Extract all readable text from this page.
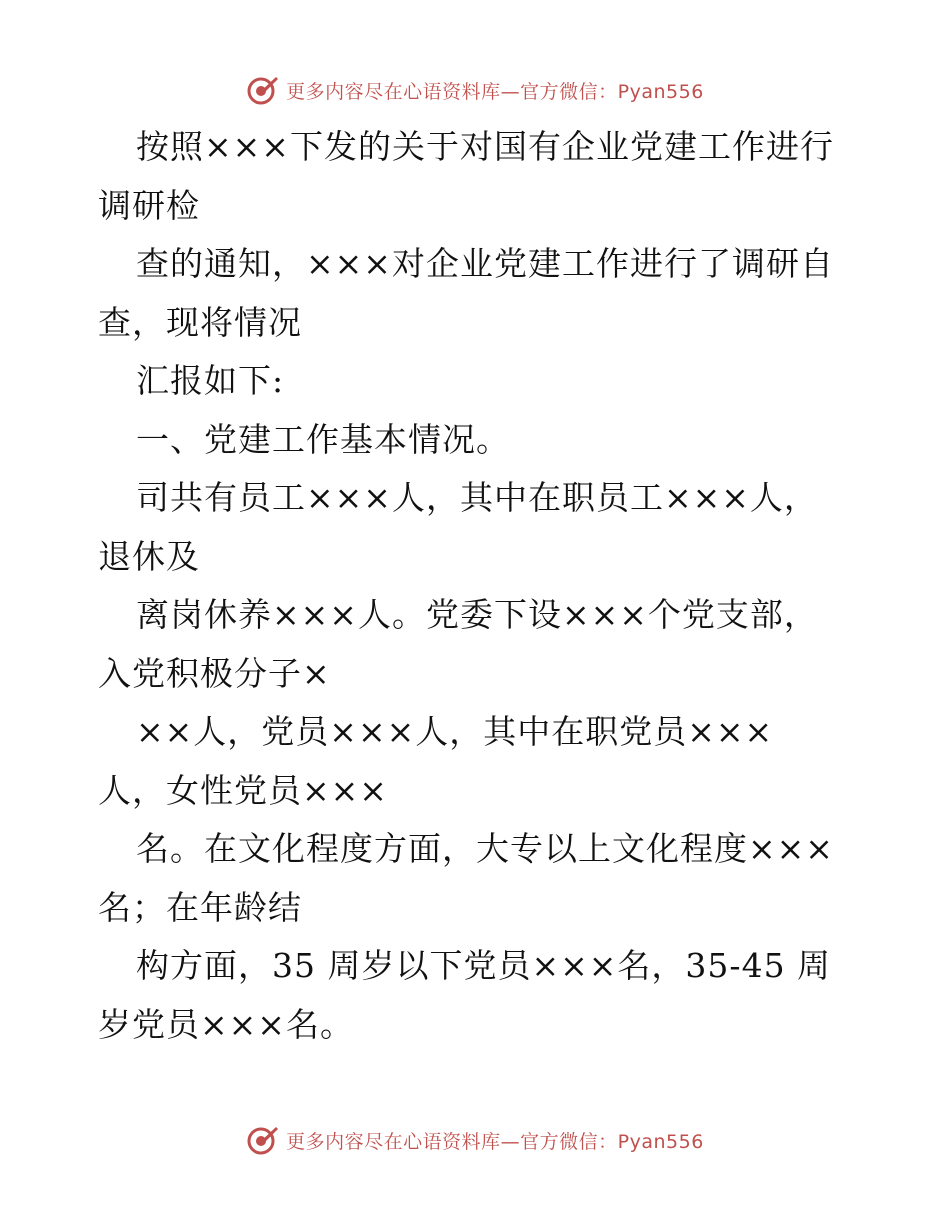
更多内容尽在心语资料库—官方微信：Pyan556

按照×××下发的关于对国有企业党建工作进行
调研检

查的通知，×××对企业党建工作进行了调研自
查，现将情况

汇报如下:

一、党建工作基本情况。

司共有员工×××人，其中在职员工×××人，
退休及

离岗休养×××人。党委下设×××个党支部，
入党积极分子×

××人，党员×××人，其中在职党员×××
人，女性党员×××

名。在文化程度方面，大专以上文化程度×××
名；在年龄结

构方面，35 周岁以下党员×××名，35-45 周
岁党员×××名。

更多内容尽在心语资料库—官方微信：Pyan556
